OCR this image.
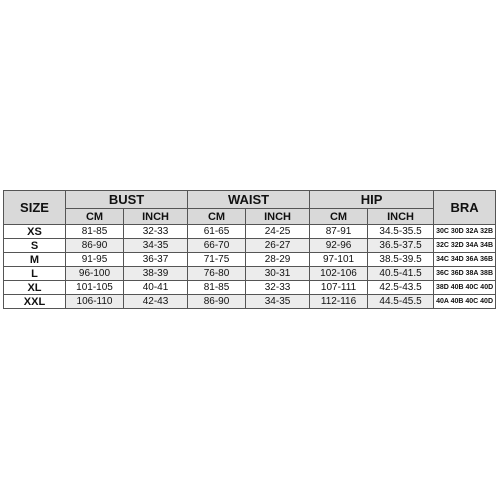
SIZE	BUST		WAIST		HIP		BRA
	CM	INCH	CM	INCH	CM	INCH	
XS	81-85	32-33	61-65	24-25	87-91	34.5-35.5	30C 30D 32A 32B
S	86-90	34-35	66-70	26-27	92-96	36.5-37.5	32C 32D 34A 34B
M	91-95	36-37	71-75	28-29	97-101	38.5-39.5	34C 34D 36A 36B
L	96-100	38-39	76-80	30-31	102-106	40.5-41.5	36C 36D 38A 38B
XL	101-105	40-41	81-85	32-33	107-111	42.5-43.5	38D 40B 40C 40D
XXL	106-110	42-43	86-90	34-35	112-116	44.5-45.5	40A 40B 40C 40D
